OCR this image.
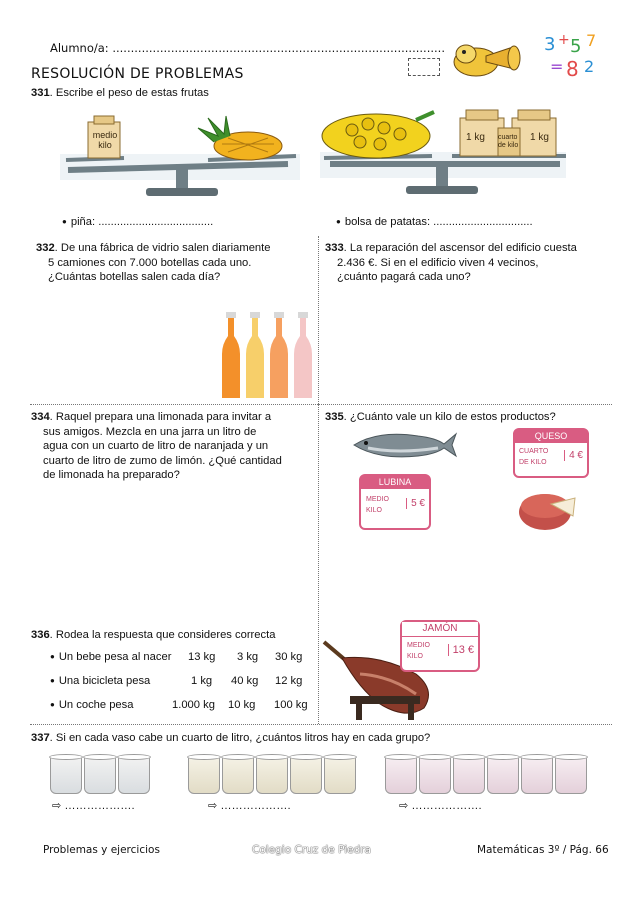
Alumno/a: ...........................................................................................
RESOLUCIÓN DE PROBLEMAS
3 + 5 7
= 8 2
331. Escribe el peso de estas frutas
medio
kilo
1 kg cuarto
de kilo
1 kg
● piña: .....................................
●	bolsa de patatas: ................................
332. De una fábrica de vidrio salen diariamente
5 camiones con 7.000 botellas cada uno.
¿Cuántas botellas salen cada día?
333. La reparación del ascensor del edificio cuesta
2.436 €. Si en el edificio viven 4 vecinos,
¿cuánto pagará cada uno?
334. Raquel prepara una limonada para invitar a
sus amigos. Mezcla en una jarra un litro de
agua con un cuarto de litro de naranjada y un
cuarto de litro de zumo de limón. ¿Qué cantidad
de limonada ha preparado?
335. ¿Cuánto vale un kilo de estos productos?
LUBINA
MEDIO
KILO
5 €
QUESO
CUARTO
DE KILO
4 €
336. Rodea la respuesta que consideres correcta
● Un bebe pesa al nacer 13 kg 3 kg 30 kg
● Una bicicleta pesa	1 kg 40 kg 12 kg
● Un coche pesa	1.000 kg 10 kg 100 kg
JAMÓN
MEDIO
KILO
13 €
337. Si en cada vaso cabe un cuarto de litro, ¿cuántos litros hay en cada grupo?
⇨ ……………….	⇨ ……………….	⇨ ……………….
Problemas y ejercicios	Colegio Cruz de Piedra	Matemáticas 3º / Pág. 66
